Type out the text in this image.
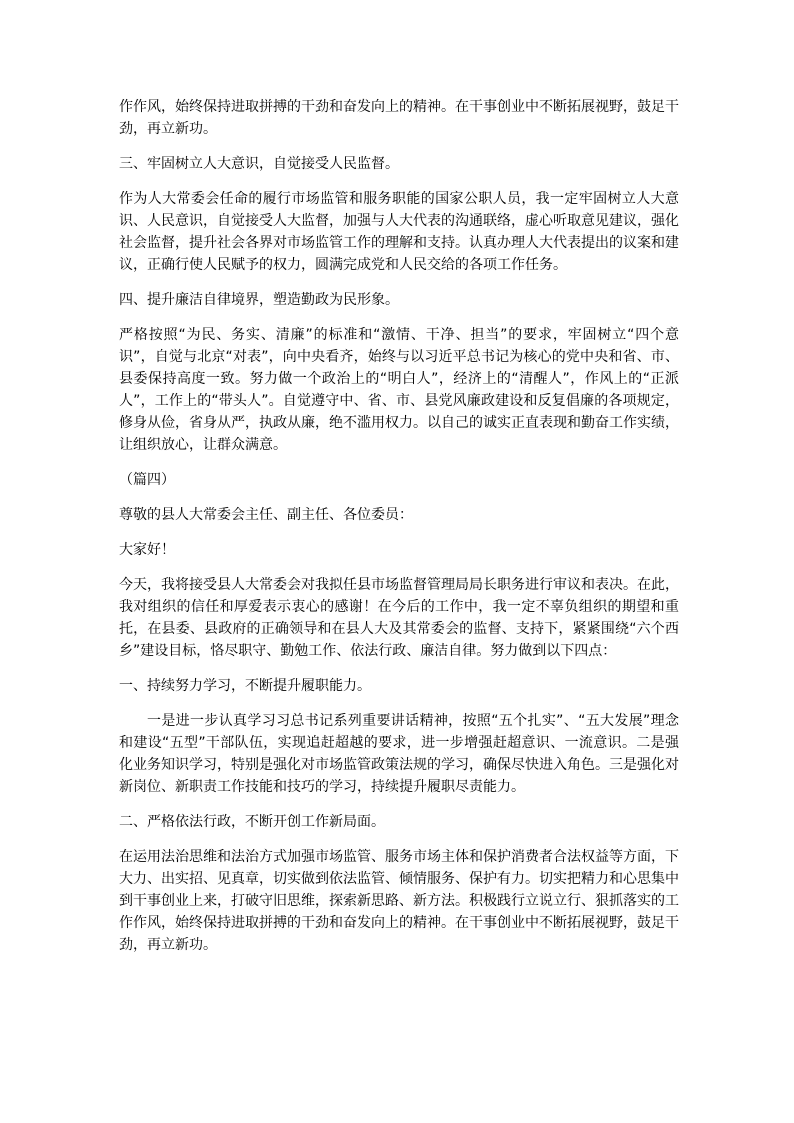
作作风，始终保持进取拼搏的干劲和奋发向上的精神。在干事创业中不断拓展视野，鼓足干劲，再立新功。

三、牢固树立人大意识，自觉接受人民监督。

作为人大常委会任命的履行市场监管和服务职能的国家公职人员，我一定牢固树立人大意识、人民意识，自觉接受人大监督，加强与人大代表的沟通联络，虚心听取意见建议，强化社会监督，提升社会各界对市场监管工作的理解和支持。认真办理人大代表提出的议案和建议，正确行使人民赋予的权力，圆满完成党和人民交给的各项工作任务。

四、提升廉洁自律境界，塑造勤政为民形象。

严格按照“为民、务实、清廉”的标准和“激情、干净、担当”的要求，牢固树立“四个意识”，自觉与北京“对表”，向中央看齐，始终与以习近平总书记为核心的党中央和省、市、县委保持高度一致。努力做一个政治上的“明白人”，经济上的“清醒人”，作风上的“正派人”，工作上的“带头人”。自觉遵守中、省、市、县党风廉政建设和反复倡廉的各项规定，修身从俭，省身从严，执政从廉，绝不滥用权力。以自己的诚实正直表现和勤奋工作实绩，让组织放心，让群众满意。

（篇四）

尊敬的县人大常委会主任、副主任、各位委员：

大家好！

今天，我将接受县人大常委会对我拟任县市场监督管理局局长职务进行审议和表决。在此，我对组织的信任和厚爱表示衷心的感谢！在今后的工作中，我一定不辜负组织的期望和重托，在县委、县政府的正确领导和在县人大及其常委会的监督、支持下，紧紧围绕“六个西乡”建设目标，恪尽职守、勤勉工作、依法行政、廉洁自律。努力做到以下四点：

一、持续努力学习，不断提升履职能力。

一是进一步认真学习习总书记系列重要讲话精神，按照“五个扎实”、“五大发展”理念和建设“五型”干部队伍，实现追赶超越的要求，进一步增强赶超意识、一流意识。二是强化业务知识学习，特别是强化对市场监管政策法规的学习，确保尽快进入角色。三是强化对新岗位、新职责工作技能和技巧的学习，持续提升履职尽责能力。

二、严格依法行政，不断开创工作新局面。

在运用法治思维和法治方式加强市场监管、服务市场主体和保护消费者合法权益等方面，下大力、出实招、见真章，切实做到依法监管、倾情服务、保护有力。切实把精力和心思集中到干事创业上来，打破守旧思维，探索新思路、新方法。积极践行立说立行、狠抓落实的工作作风，始终保持进取拼搏的干劲和奋发向上的精神。在干事创业中不断拓展视野，鼓足干劲，再立新功。
